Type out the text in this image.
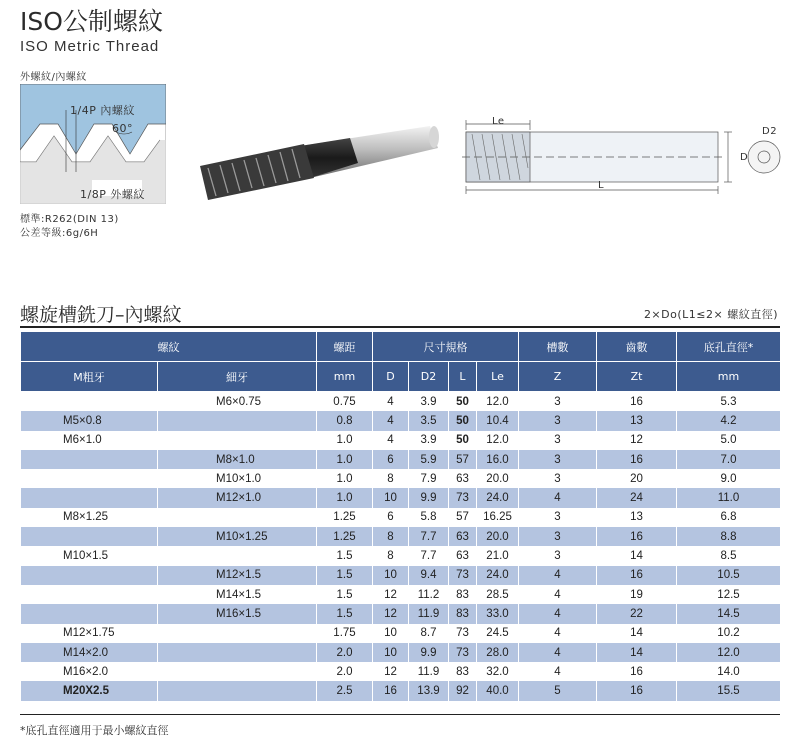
ISO公制螺紋
ISO Metric Thread
外螺紋/內螺紋
1/4P 內螺紋
60°
1/8P 外螺紋
標準:R262(DIN 13)
公差等級:6g/6H
Le
L
D
D2
螺旋槽銑刀–內螺紋	2×Do(L1≤2× 螺紋直徑)
螺紋		螺距	尺寸規格				槽數	齒數	底孔直徑*
M粗牙	細牙	mm	D	D2	L	Le	Z	Zt	mm
	M6×0.75	0.75	4	3.9	50	12.0	3	16	5.3
M5×0.8		0.8	4	3.5	50	10.4	3	13	4.2
M6×1.0		1.0	4	3.9	50	12.0	3	12	5.0
	M8×1.0	1.0	6	5.9	57	16.0	3	16	7.0
	M10×1.0	1.0	8	7.9	63	20.0	3	20	9.0
	M12×1.0	1.0	10	9.9	73	24.0	4	24	11.0
M8×1.25		1.25	6	5.8	57	16.25	3	13	6.8
	M10×1.25	1.25	8	7.7	63	20.0	3	16	8.8
M10×1.5		1.5	8	7.7	63	21.0	3	14	8.5
	M12×1.5	1.5	10	9.4	73	24.0	4	16	10.5
	M14×1.5	1.5	12	11.2	83	28.5	4	19	12.5
	M16×1.5	1.5	12	11.9	83	33.0	4	22	14.5
M12×1.75		1.75	10	8.7	73	24.5	4	14	10.2
M14×2.0		2.0	10	9.9	73	28.0	4	14	12.0
M16×2.0		2.0	12	11.9	83	32.0	4	16	14.0
M20X2.5		2.5	16	13.9	92	40.0	5	16	15.5
*底孔直徑適用于最小螺紋直徑
